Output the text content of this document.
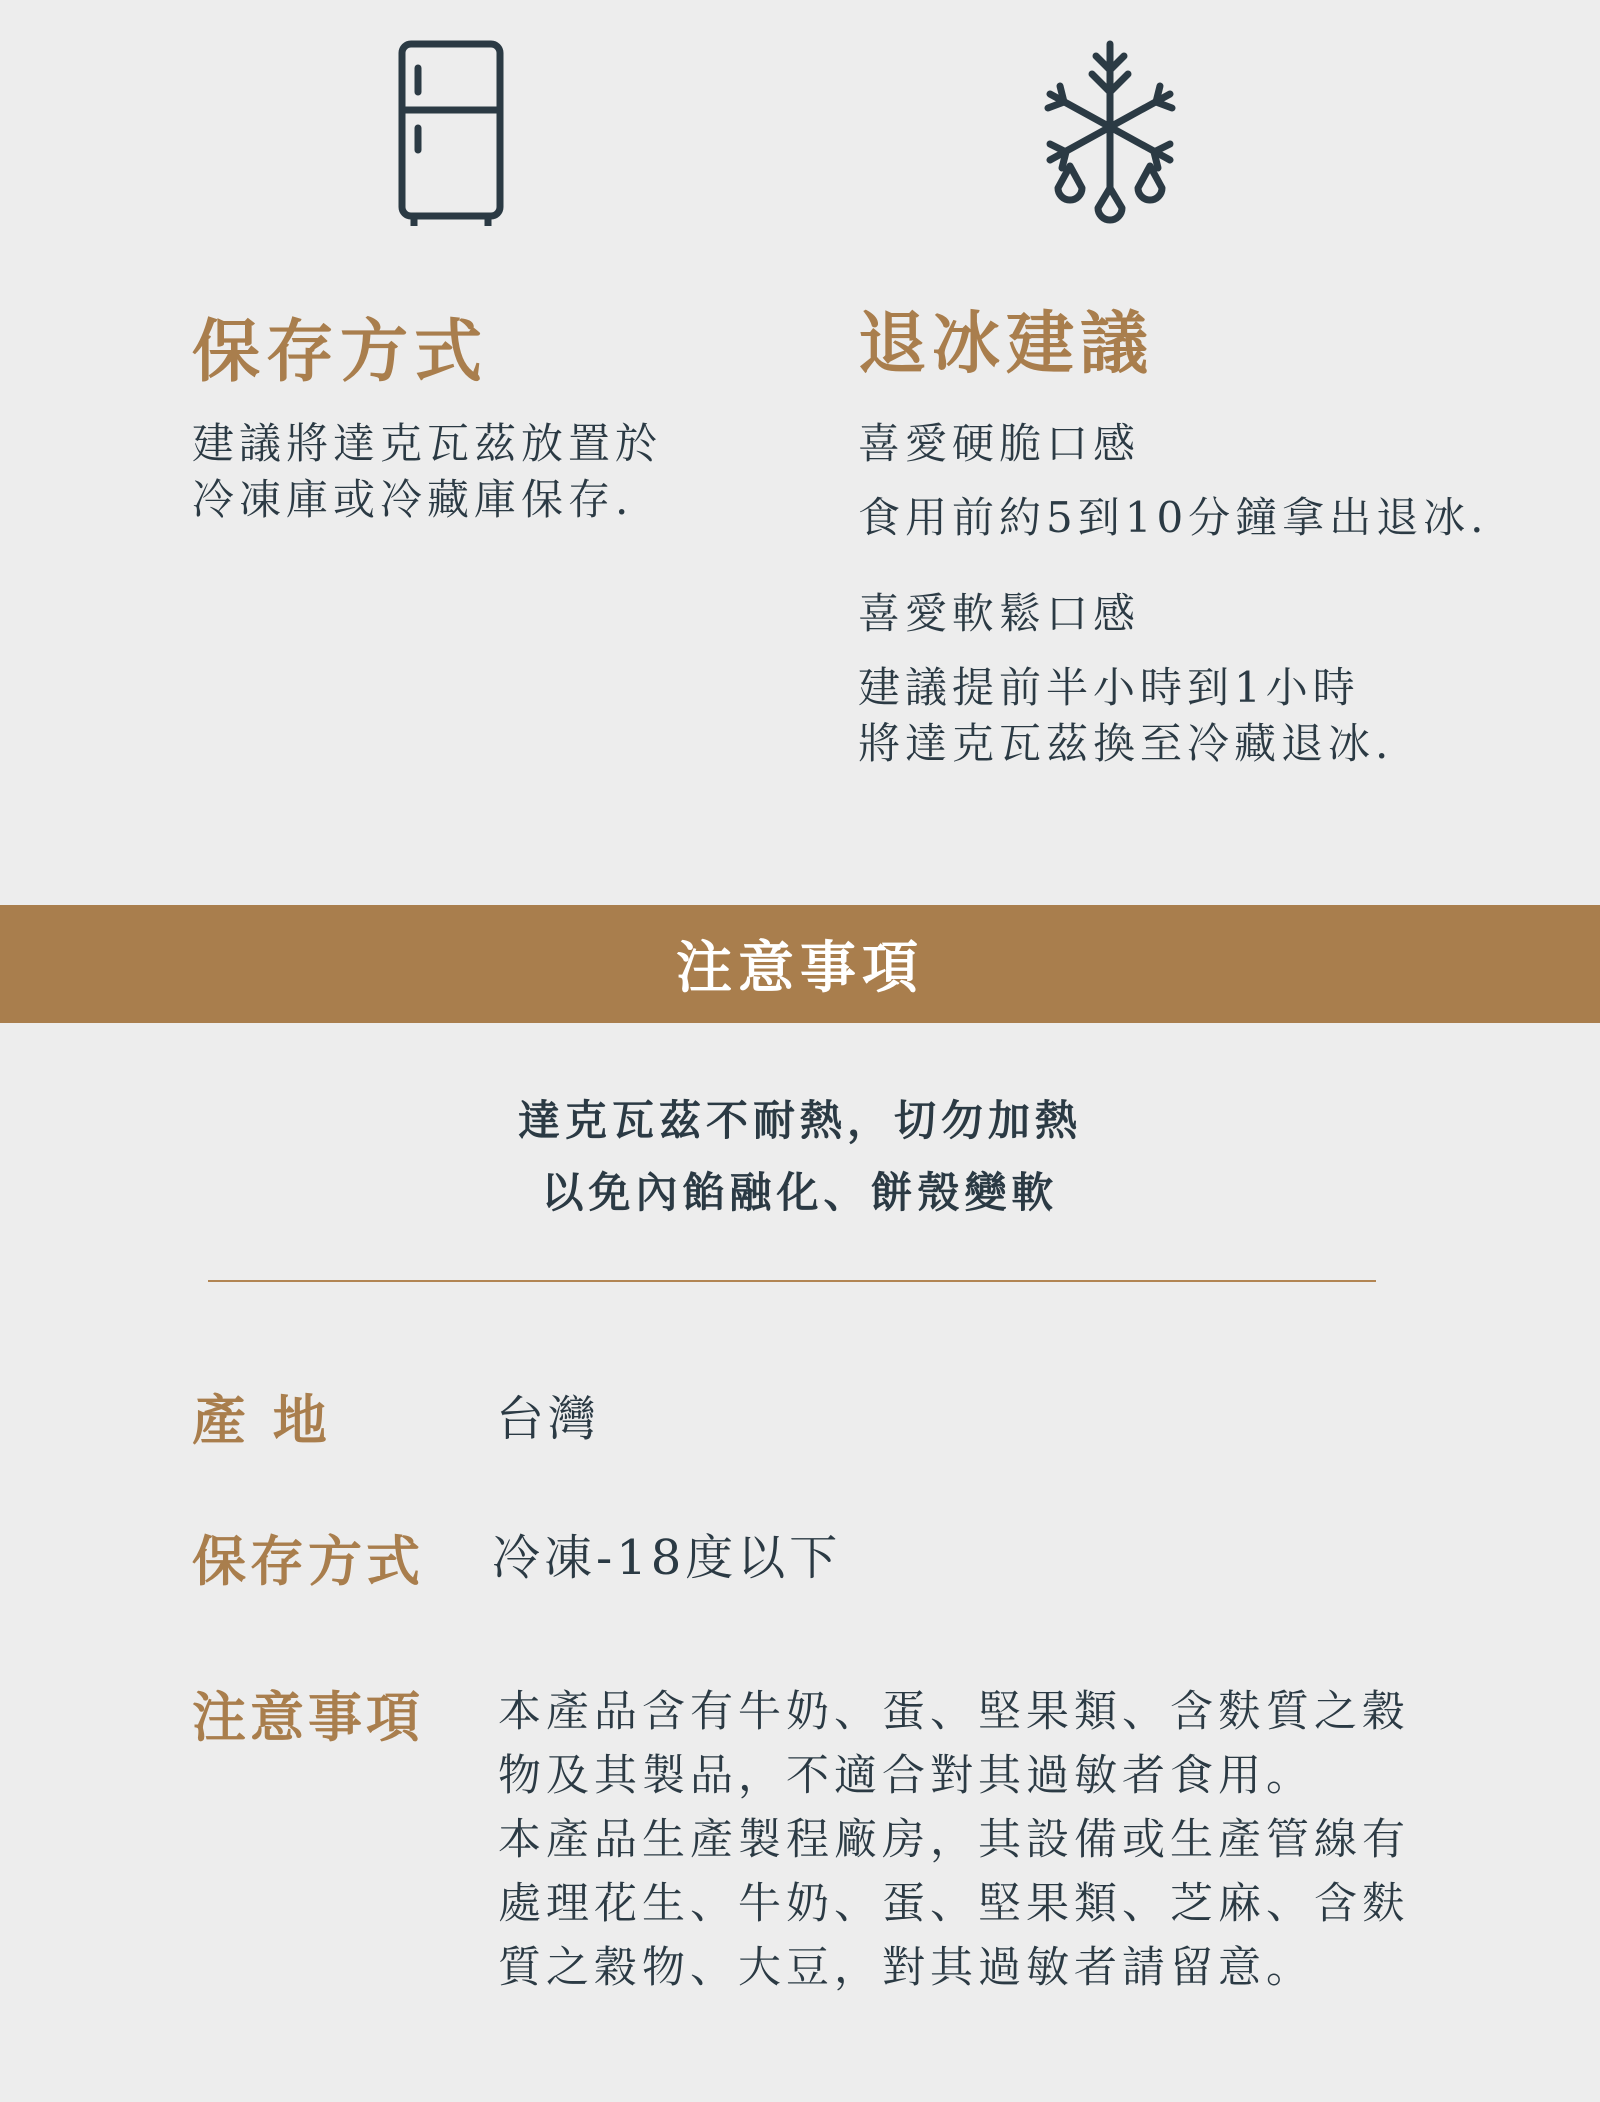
保存方式
建議將達克瓦茲放置於
冷凍庫或冷藏庫保存.
退冰建議
喜愛硬脆口感
食用前約5到10分鐘拿出退冰.
喜愛軟鬆口感
建議提前半小時到1小時
將達克瓦茲換至冷藏退冰.
注意事項
達克瓦茲不耐熱，切勿加熱
以免內餡融化、餅殼變軟
產 地	台灣
保存方式 冷凍-18度以下
注意事項 本產品含有牛奶、蛋、堅果類、含麩質之穀
物及其製品，不適合對其過敏者食用。
本產品生產製程廠房，其設備或生產管線有
處理花生、牛奶、蛋、堅果類、芝麻、含麩
質之穀物、大豆，對其過敏者請留意。
